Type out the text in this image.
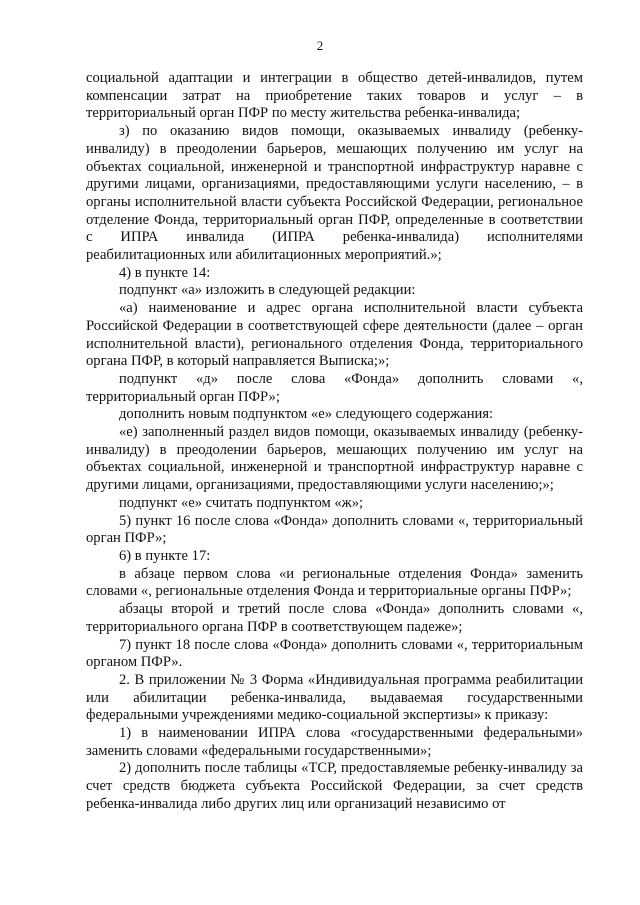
2

социальной адаптации и интеграции в общество детей-инвалидов, путем компенсации затрат на приобретение таких товаров и услуг – в территориальный орган ПФР по месту жительства ребенка-инвалида;

з) по оказанию видов помощи, оказываемых инвалиду (ребенку-инвалиду) в преодолении барьеров, мешающих получению им услуг на объектах социальной, инженерной и транспортной инфраструктур наравне с другими лицами, организациями, предоставляющими услуги населению, – в органы исполнительной власти субъекта Российской Федерации, региональное отделение Фонда, территориальный орган ПФР, определенные в соответствии с ИПРА инвалида (ИПРА ребенка-инвалида) исполнителями реабилитационных или абилитационных мероприятий.»;

4) в пункте 14:

подпункт «а» изложить в следующей редакции:

«а) наименование и адрес органа исполнительной власти субъекта Российской Федерации в соответствующей сфере деятельности (далее – орган исполнительной власти), регионального отделения Фонда, территориального органа ПФР, в который направляется Выписка;»;

подпункт «д» после слова «Фонда» дополнить словами «, территориальный орган ПФР»;

дополнить новым подпунктом «е» следующего содержания:

«е) заполненный раздел видов помощи, оказываемых инвалиду (ребенку-инвалиду) в преодолении барьеров, мешающих получению им услуг на объектах социальной, инженерной и транспортной инфраструктур наравне с другими лицами, организациями, предоставляющими услуги населению;»;

подпункт «е» считать подпунктом «ж»;

5) пункт 16 после слова «Фонда» дополнить словами «, территориальный орган ПФР»;

6) в пункте 17:

в абзаце первом слова «и региональные отделения Фонда» заменить словами «, региональные отделения Фонда и территориальные органы ПФР»;

абзацы второй и третий после слова «Фонда» дополнить словами «, территориального органа ПФР в соответствующем падеже»;

7) пункт 18 после слова «Фонда» дополнить словами «, территориальным органом ПФР».

2. В приложении № 3 Форма «Индивидуальная программа реабилитации или абилитации ребенка-инвалида, выдаваемая государственными федеральными учреждениями медико-социальной экспертизы» к приказу:

1) в наименовании ИПРА слова «государственными федеральными» заменить словами «федеральными государственными»;

2) дополнить после таблицы «ТСР, предоставляемые ребенку-инвалиду за счет средств бюджета субъекта Российской Федерации, за счет средств ребенка-инвалида либо других лиц или организаций независимо от
